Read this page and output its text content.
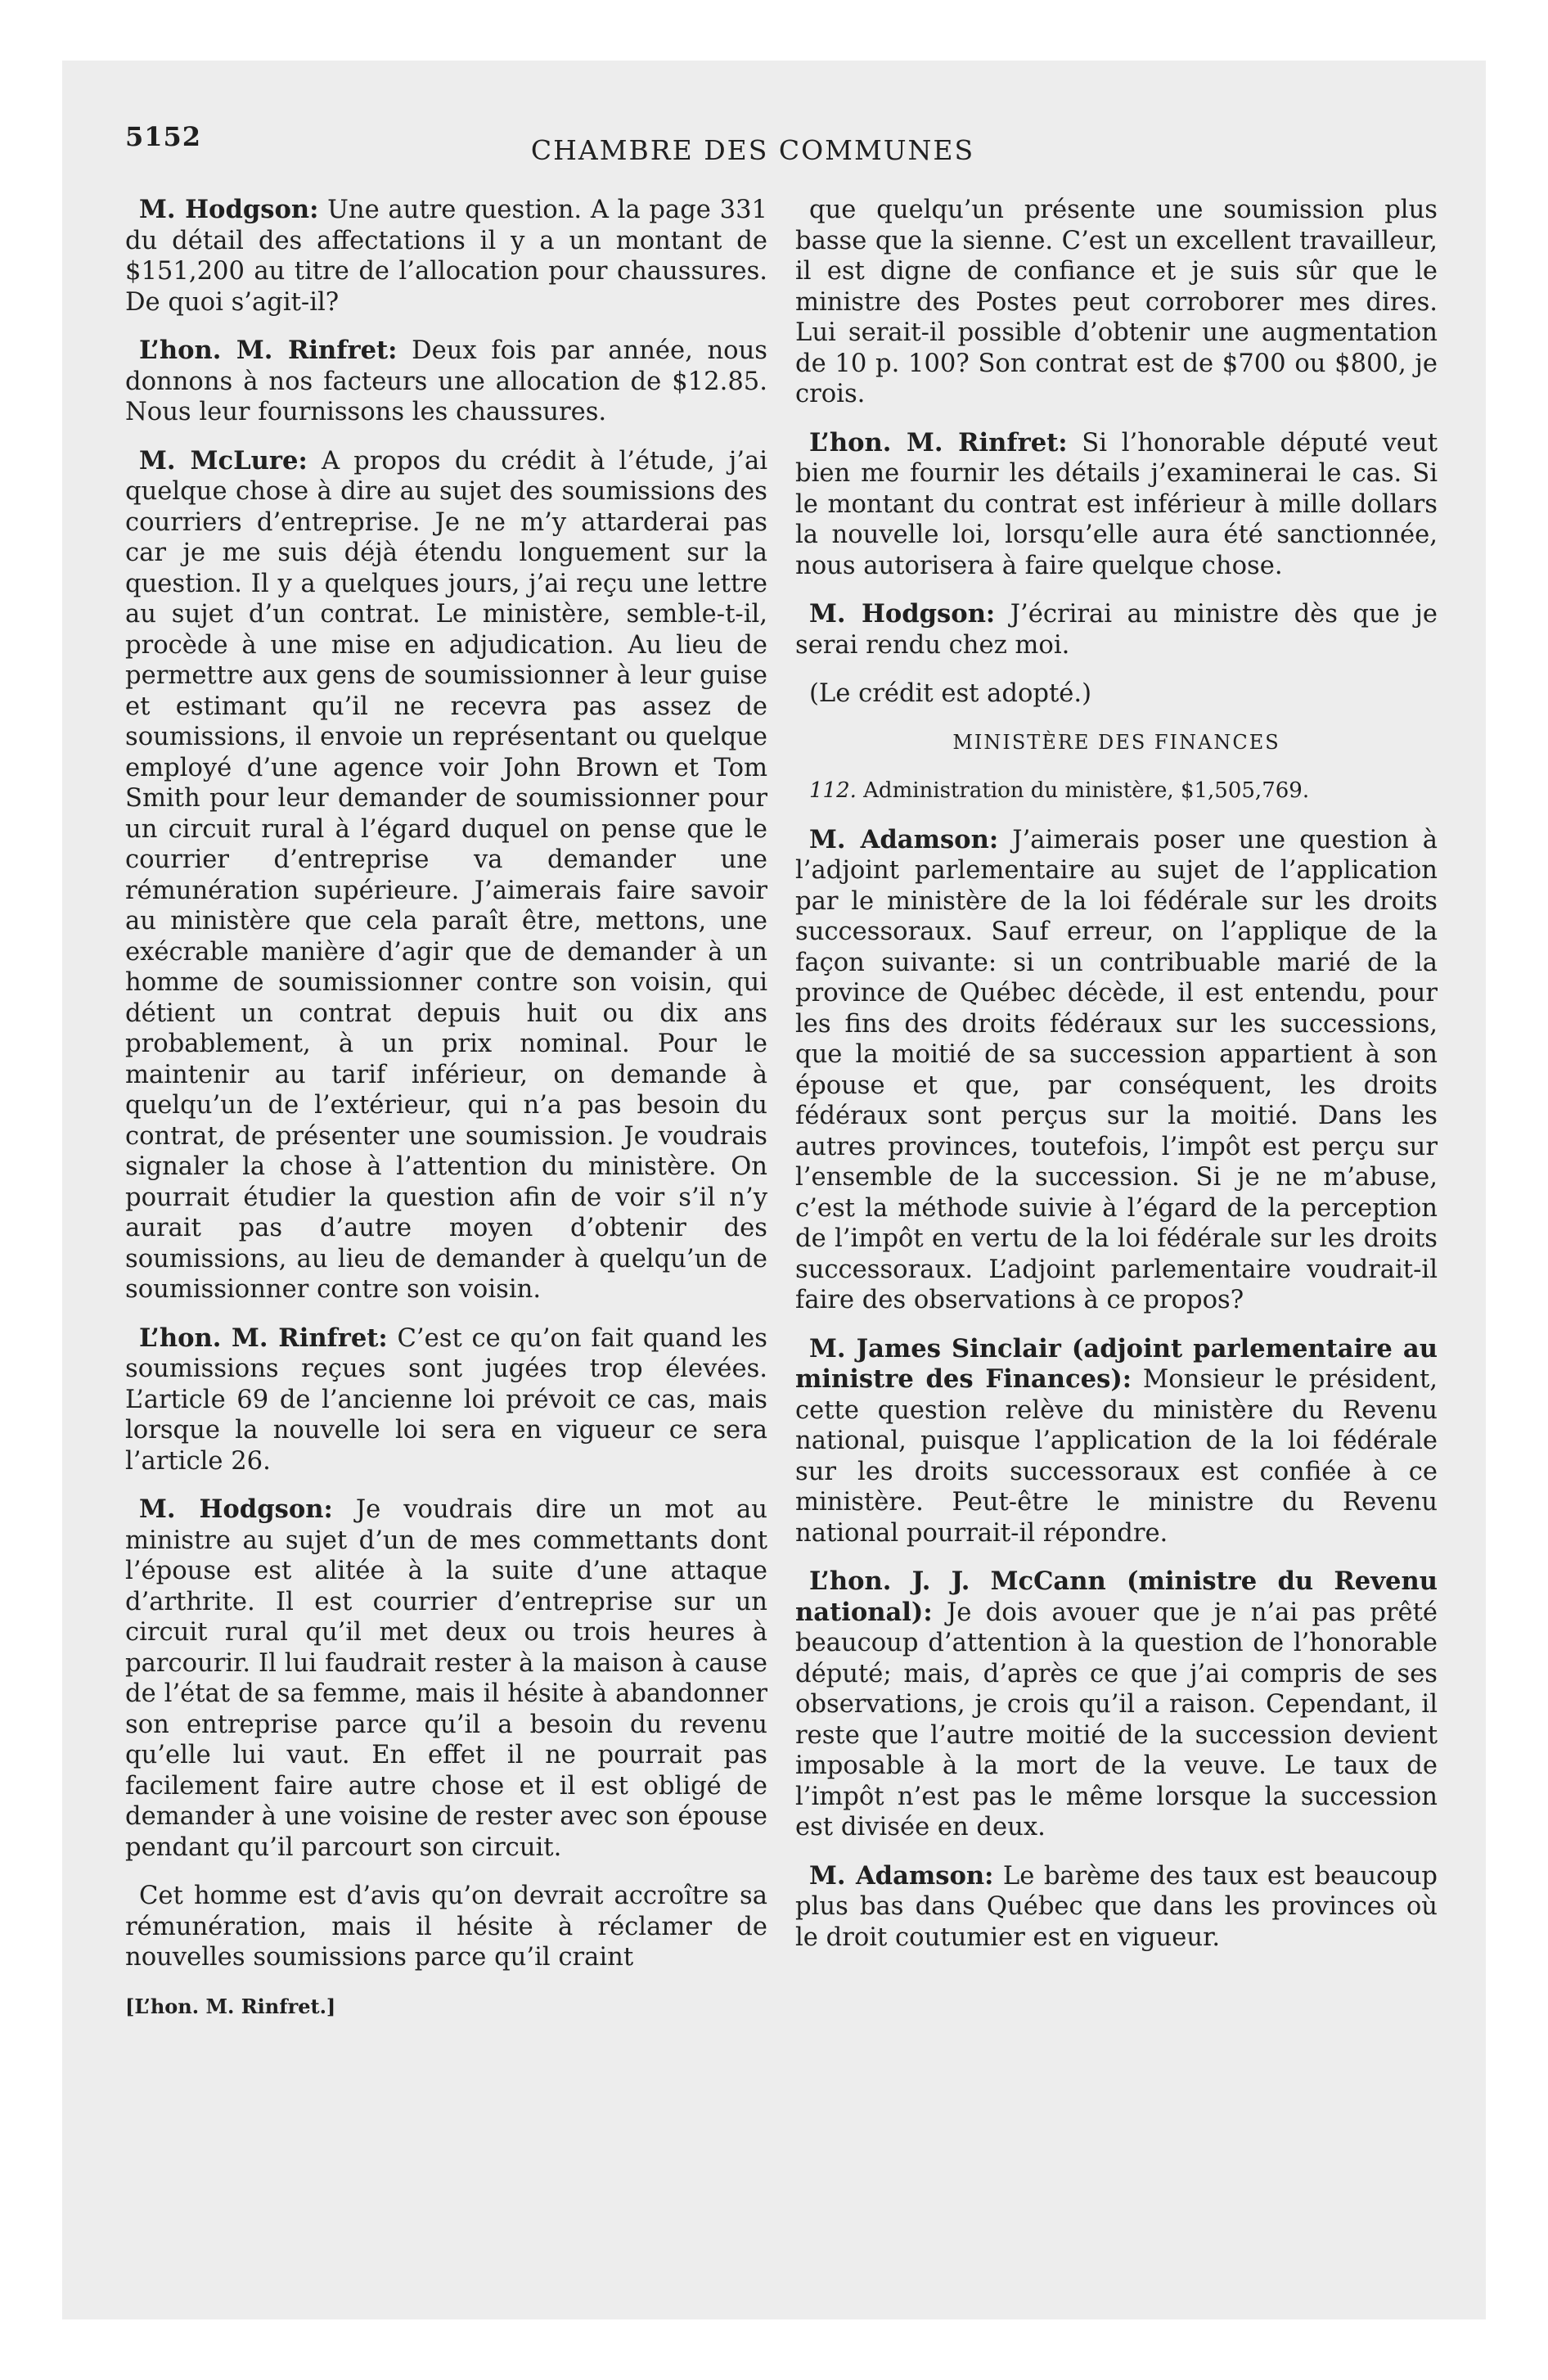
5152	CHAMBRE DES COMMUNES

M. Hodgson: Une autre question. A la page 331 du détail des affectations il y a un montant de $151,200 au titre de l’allocation pour chaussures. De quoi s’agit-il?

L’hon. M. Rinfret: Deux fois par année, nous donnons à nos facteurs une allocation de $12.85. Nous leur fournissons les chaussures.

M. McLure: A propos du crédit à l’étude, j’ai quelque chose à dire au sujet des soumissions des courriers d’entreprise. Je ne m’y attarderai pas car je me suis déjà étendu longuement sur la question. Il y a quelques jours, j’ai reçu une lettre au sujet d’un contrat. Le ministère, semble-t-il, procède à une mise en adjudication. Au lieu de permettre aux gens de soumissionner à leur guise et estimant qu’il ne recevra pas assez de soumissions, il envoie un représentant ou quelque employé d’une agence voir John Brown et Tom Smith pour leur demander de soumissionner pour un circuit rural à l’égard duquel on pense que le courrier d’entreprise va demander une rémunération supérieure. J’aimerais faire savoir au ministère que cela paraît être, mettons, une exécrable manière d’agir que de demander à un homme de soumissionner contre son voisin, qui détient un contrat depuis huit ou dix ans probablement, à un prix nominal. Pour le maintenir au tarif inférieur, on demande à quelqu’un de l’extérieur, qui n’a pas besoin du contrat, de présenter une soumission. Je voudrais signaler la chose à l’attention du ministère. On pourrait étudier la question afin de voir s’il n’y aurait pas d’autre moyen d’obtenir des soumissions, au lieu de demander à quelqu’un de soumissionner contre son voisin.

L’hon. M. Rinfret: C’est ce qu’on fait quand les soumissions reçues sont jugées trop élevées. L’article 69 de l’ancienne loi prévoit ce cas, mais lorsque la nouvelle loi sera en vigueur ce sera l’article 26.

M. Hodgson: Je voudrais dire un mot au ministre au sujet d’un de mes commettants dont l’épouse est alitée à la suite d’une attaque d’arthrite. Il est courrier d’entreprise sur un circuit rural qu’il met deux ou trois heures à parcourir. Il lui faudrait rester à la maison à cause de l’état de sa femme, mais il hésite à abandonner son entreprise parce qu’il a besoin du revenu qu’elle lui vaut. En effet il ne pourrait pas facilement faire autre chose et il est obligé de demander à une voisine de rester avec son épouse pendant qu’il parcourt son circuit.

Cet homme est d’avis qu’on devrait accroître sa rémunération, mais il hésite à réclamer de nouvelles soumissions parce qu’il craint

[L’hon. M. Rinfret.]

que quelqu’un présente une soumission plus basse que la sienne. C’est un excellent travailleur, il est digne de confiance et je suis sûr que le ministre des Postes peut corroborer mes dires. Lui serait-il possible d’obtenir une augmentation de 10 p. 100? Son contrat est de $700 ou $800, je crois.

L’hon. M. Rinfret: Si l’honorable député veut bien me fournir les détails j’examinerai le cas. Si le montant du contrat est inférieur à mille dollars la nouvelle loi, lorsqu’elle aura été sanctionnée, nous autorisera à faire quelque chose.

M. Hodgson: J’écrirai au ministre dès que je serai rendu chez moi.

(Le crédit est adopté.)

MINISTÈRE DES FINANCES

112. Administration du ministère, $1,505,769.

M. Adamson: J’aimerais poser une question à l’adjoint parlementaire au sujet de l’application par le ministère de la loi fédérale sur les droits successoraux. Sauf erreur, on l’applique de la façon suivante: si un contribuable marié de la province de Québec décède, il est entendu, pour les fins des droits fédéraux sur les successions, que la moitié de sa succession appartient à son épouse et que, par conséquent, les droits fédéraux sont perçus sur la moitié. Dans les autres provinces, toutefois, l’impôt est perçu sur l’ensemble de la succession. Si je ne m’abuse, c’est la méthode suivie à l’égard de la perception de l’impôt en vertu de la loi fédérale sur les droits successoraux. L’adjoint parlementaire voudrait-il faire des observations à ce propos?

M. James Sinclair (adjoint parlementaire au ministre des Finances): Monsieur le président, cette question relève du ministère du Revenu national, puisque l’application de la loi fédérale sur les droits successoraux est confiée à ce ministère. Peut-être le ministre du Revenu national pourrait-il répondre.

L’hon. J. J. McCann (ministre du Revenu national): Je dois avouer que je n’ai pas prêté beaucoup d’attention à la question de l’honorable député; mais, d’après ce que j’ai compris de ses observations, je crois qu’il a raison. Cependant, il reste que l’autre moitié de la succession devient imposable à la mort de la veuve. Le taux de l’impôt n’est pas le même lorsque la succession est divisée en deux.

M. Adamson: Le barème des taux est beaucoup plus bas dans Québec que dans les provinces où le droit coutumier est en vigueur.
